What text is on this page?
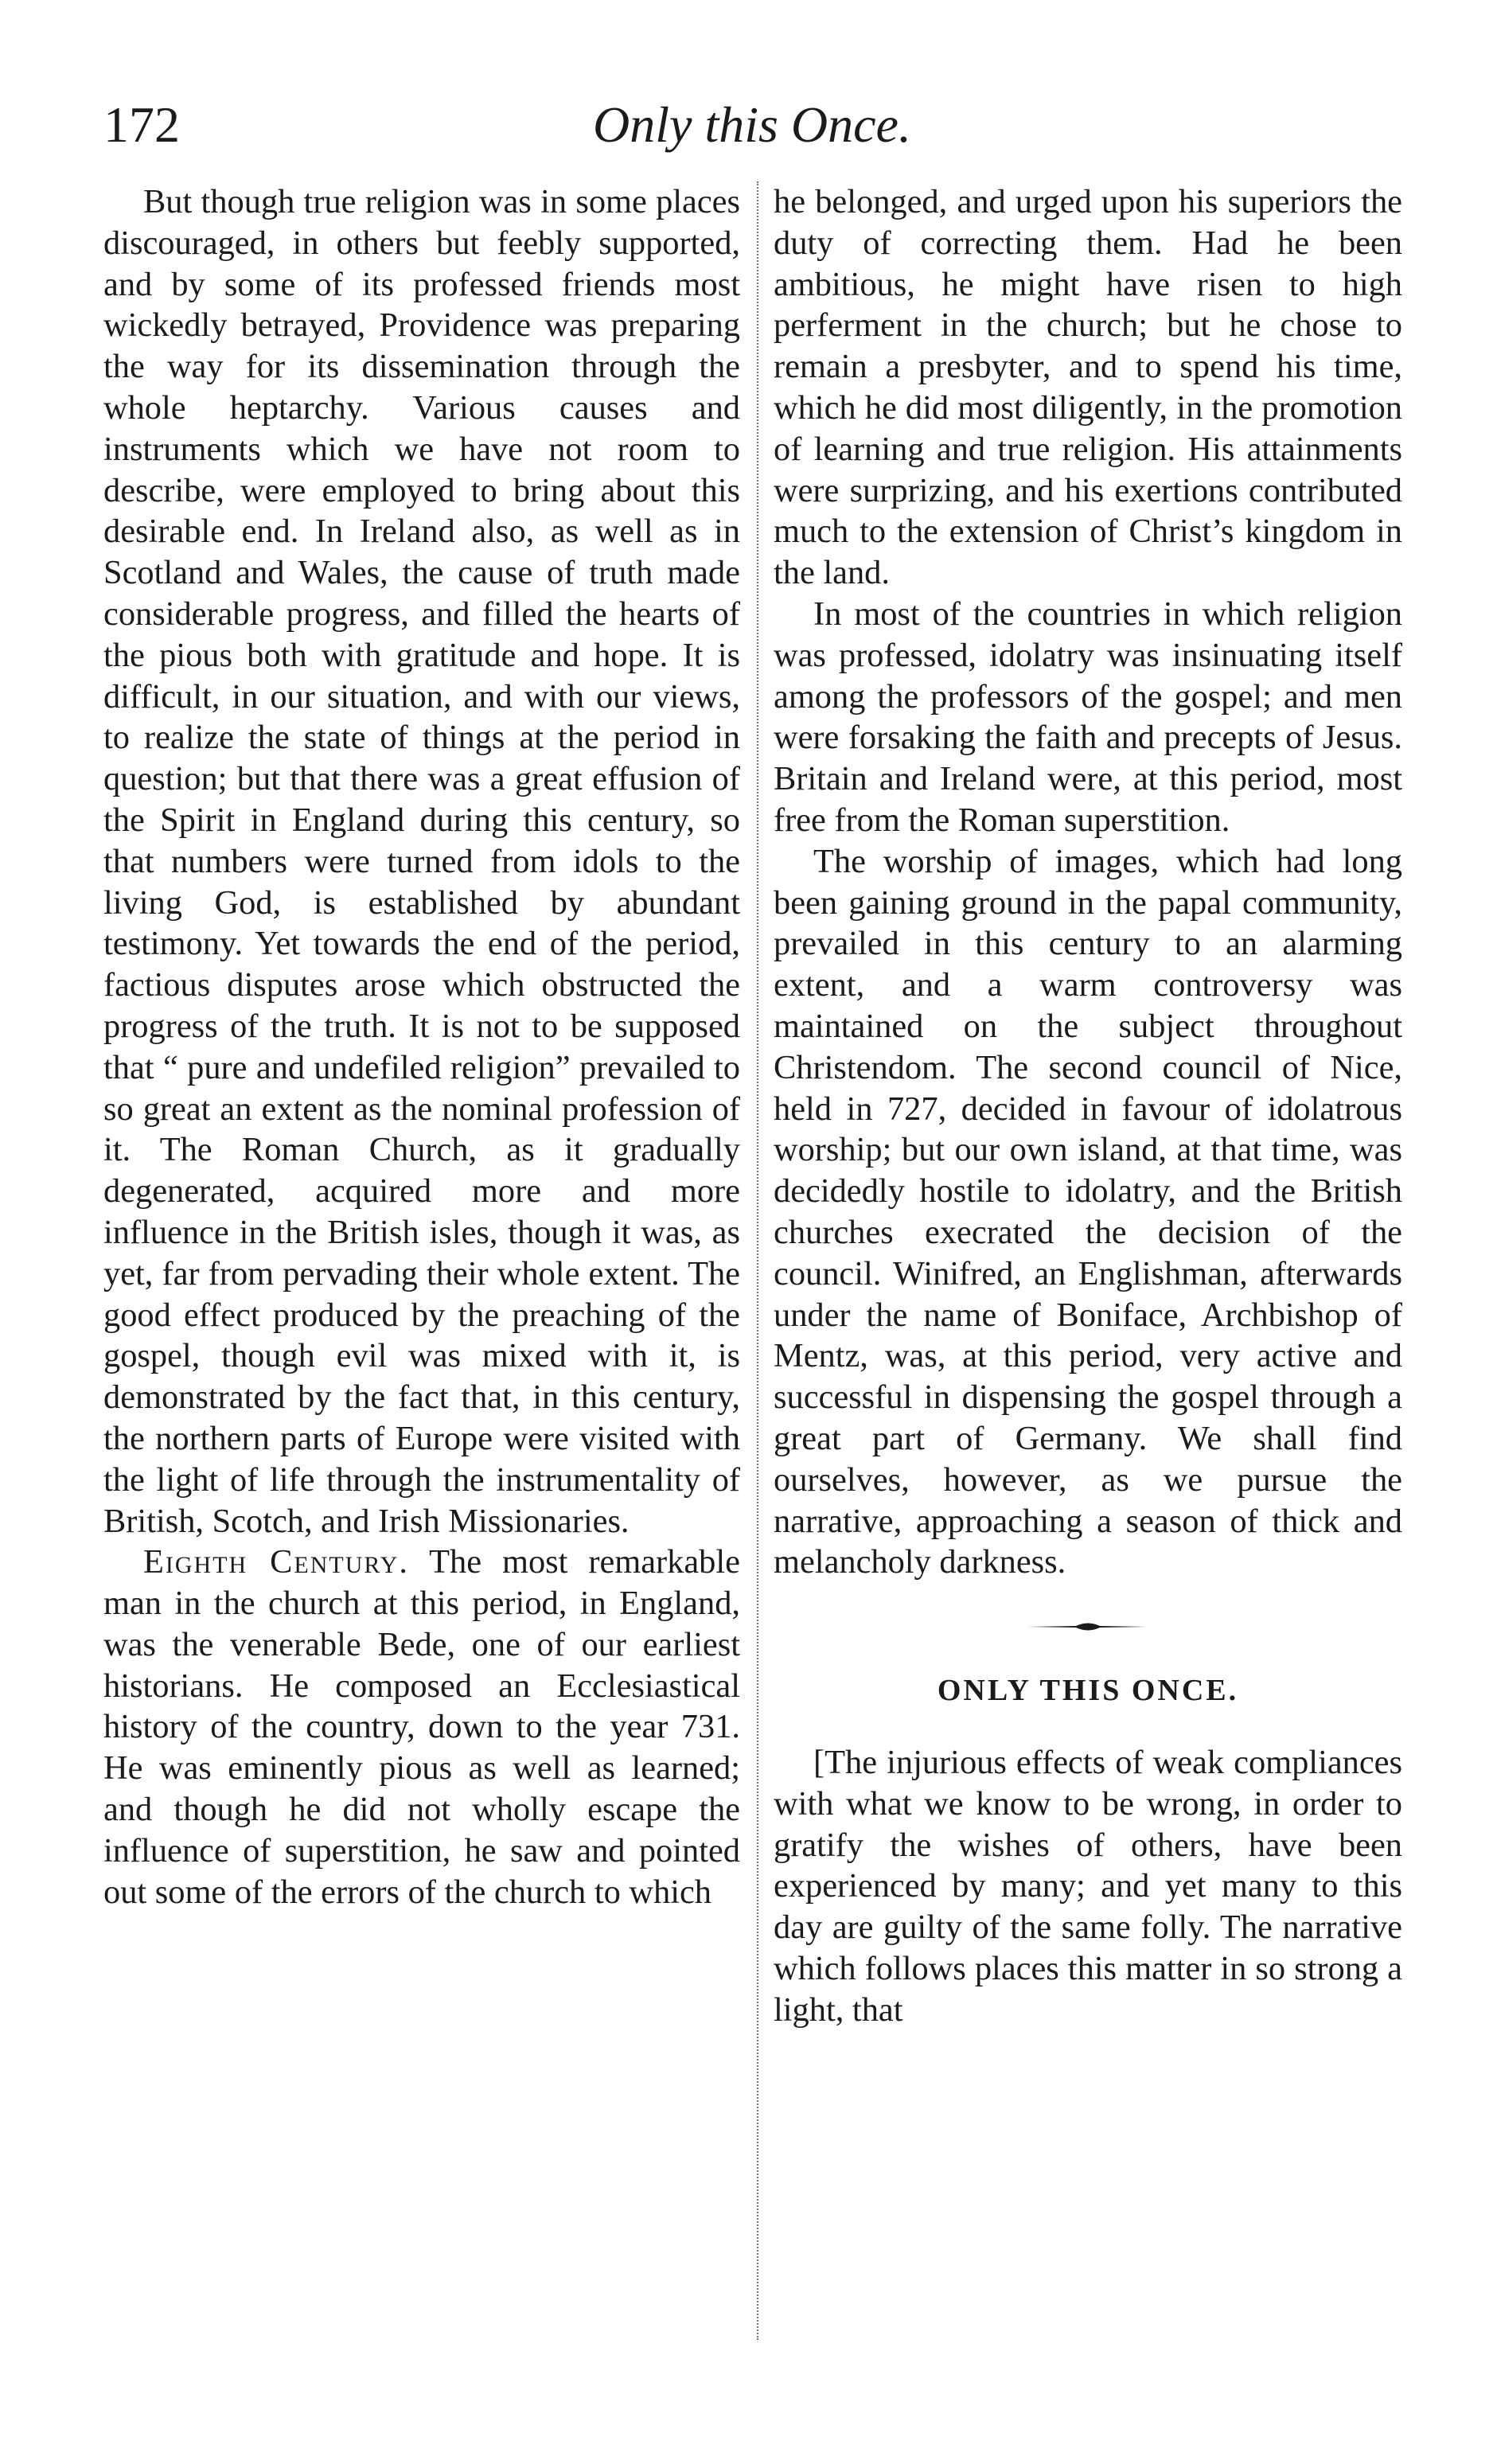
172	Only this Once.

But though true religion was in some places discouraged, in others but feebly supported, and by some of its professed friends most wickedly betrayed, Providence was preparing the way for its dissemination through the whole heptarchy. Various causes and instruments which we have not room to describe, were employed to bring about this desirable end. In Ireland also, as well as in Scotland and Wales, the cause of truth made considerable progress, and filled the hearts of the pious both with gratitude and hope. It is difficult, in our situation, and with our views, to realize the state of things at the period in question; but that there was a great effusion of the Spirit in England during this century, so that numbers were turned from idols to the living God, is established by abundant testimony. Yet towards the end of the period, factious disputes arose which obstructed the progress of the truth. It is not to be supposed that “ pure and undefiled religion” prevailed to so great an extent as the nominal profession of it. The Roman Church, as it gradually degenerated, acquired more and more influence in the British isles, though it was, as yet, far from pervading their whole extent. The good effect produced by the preaching of the gospel, though evil was mixed with it, is demonstrated by the fact that, in this century, the northern parts of Europe were visited with the light of life through the instrumentality of British, Scotch, and Irish Missionaries.

Eighth Century. The most remarkable man in the church at this period, in England, was the venerable Bede, one of our earliest historians. He composed an Ecclesiastical history of the country, down to the year 731. He was eminently pious as well as learned; and though he did not wholly escape the influence of superstition, he saw and pointed out some of the errors of the church to which

he belonged, and urged upon his superiors the duty of correcting them. Had he been ambitious, he might have risen to high perferment in the church; but he chose to remain a presbyter, and to spend his time, which he did most diligently, in the promotion of learning and true religion. His attainments were surprizing, and his exertions contributed much to the extension of Christ’s kingdom in the land.

In most of the countries in which religion was professed, idolatry was insinuating itself among the professors of the gospel; and men were forsaking the faith and precepts of Jesus. Britain and Ireland were, at this period, most free from the Roman superstition.

The worship of images, which had long been gaining ground in the papal community, prevailed in this century to an alarming extent, and a warm controversy was maintained on the subject throughout Christendom. The second council of Nice, held in 727, decided in favour of idolatrous worship; but our own island, at that time, was decidedly hostile to idolatry, and the British churches execrated the decision of the council. Winifred, an Englishman, afterwards under the name of Boniface, Archbishop of Mentz, was, at this period, very active and successful in dispensing the gospel through a great part of Germany. We shall find ourselves, however, as we pursue the narrative, approaching a season of thick and melancholy darkness.

ONLY THIS ONCE.

[The injurious effects of weak compliances with what we know to be wrong, in order to gratify the wishes of others, have been experienced by many; and yet many to this day are guilty of the same folly. The narrative which follows places this matter in so strong a light, that
